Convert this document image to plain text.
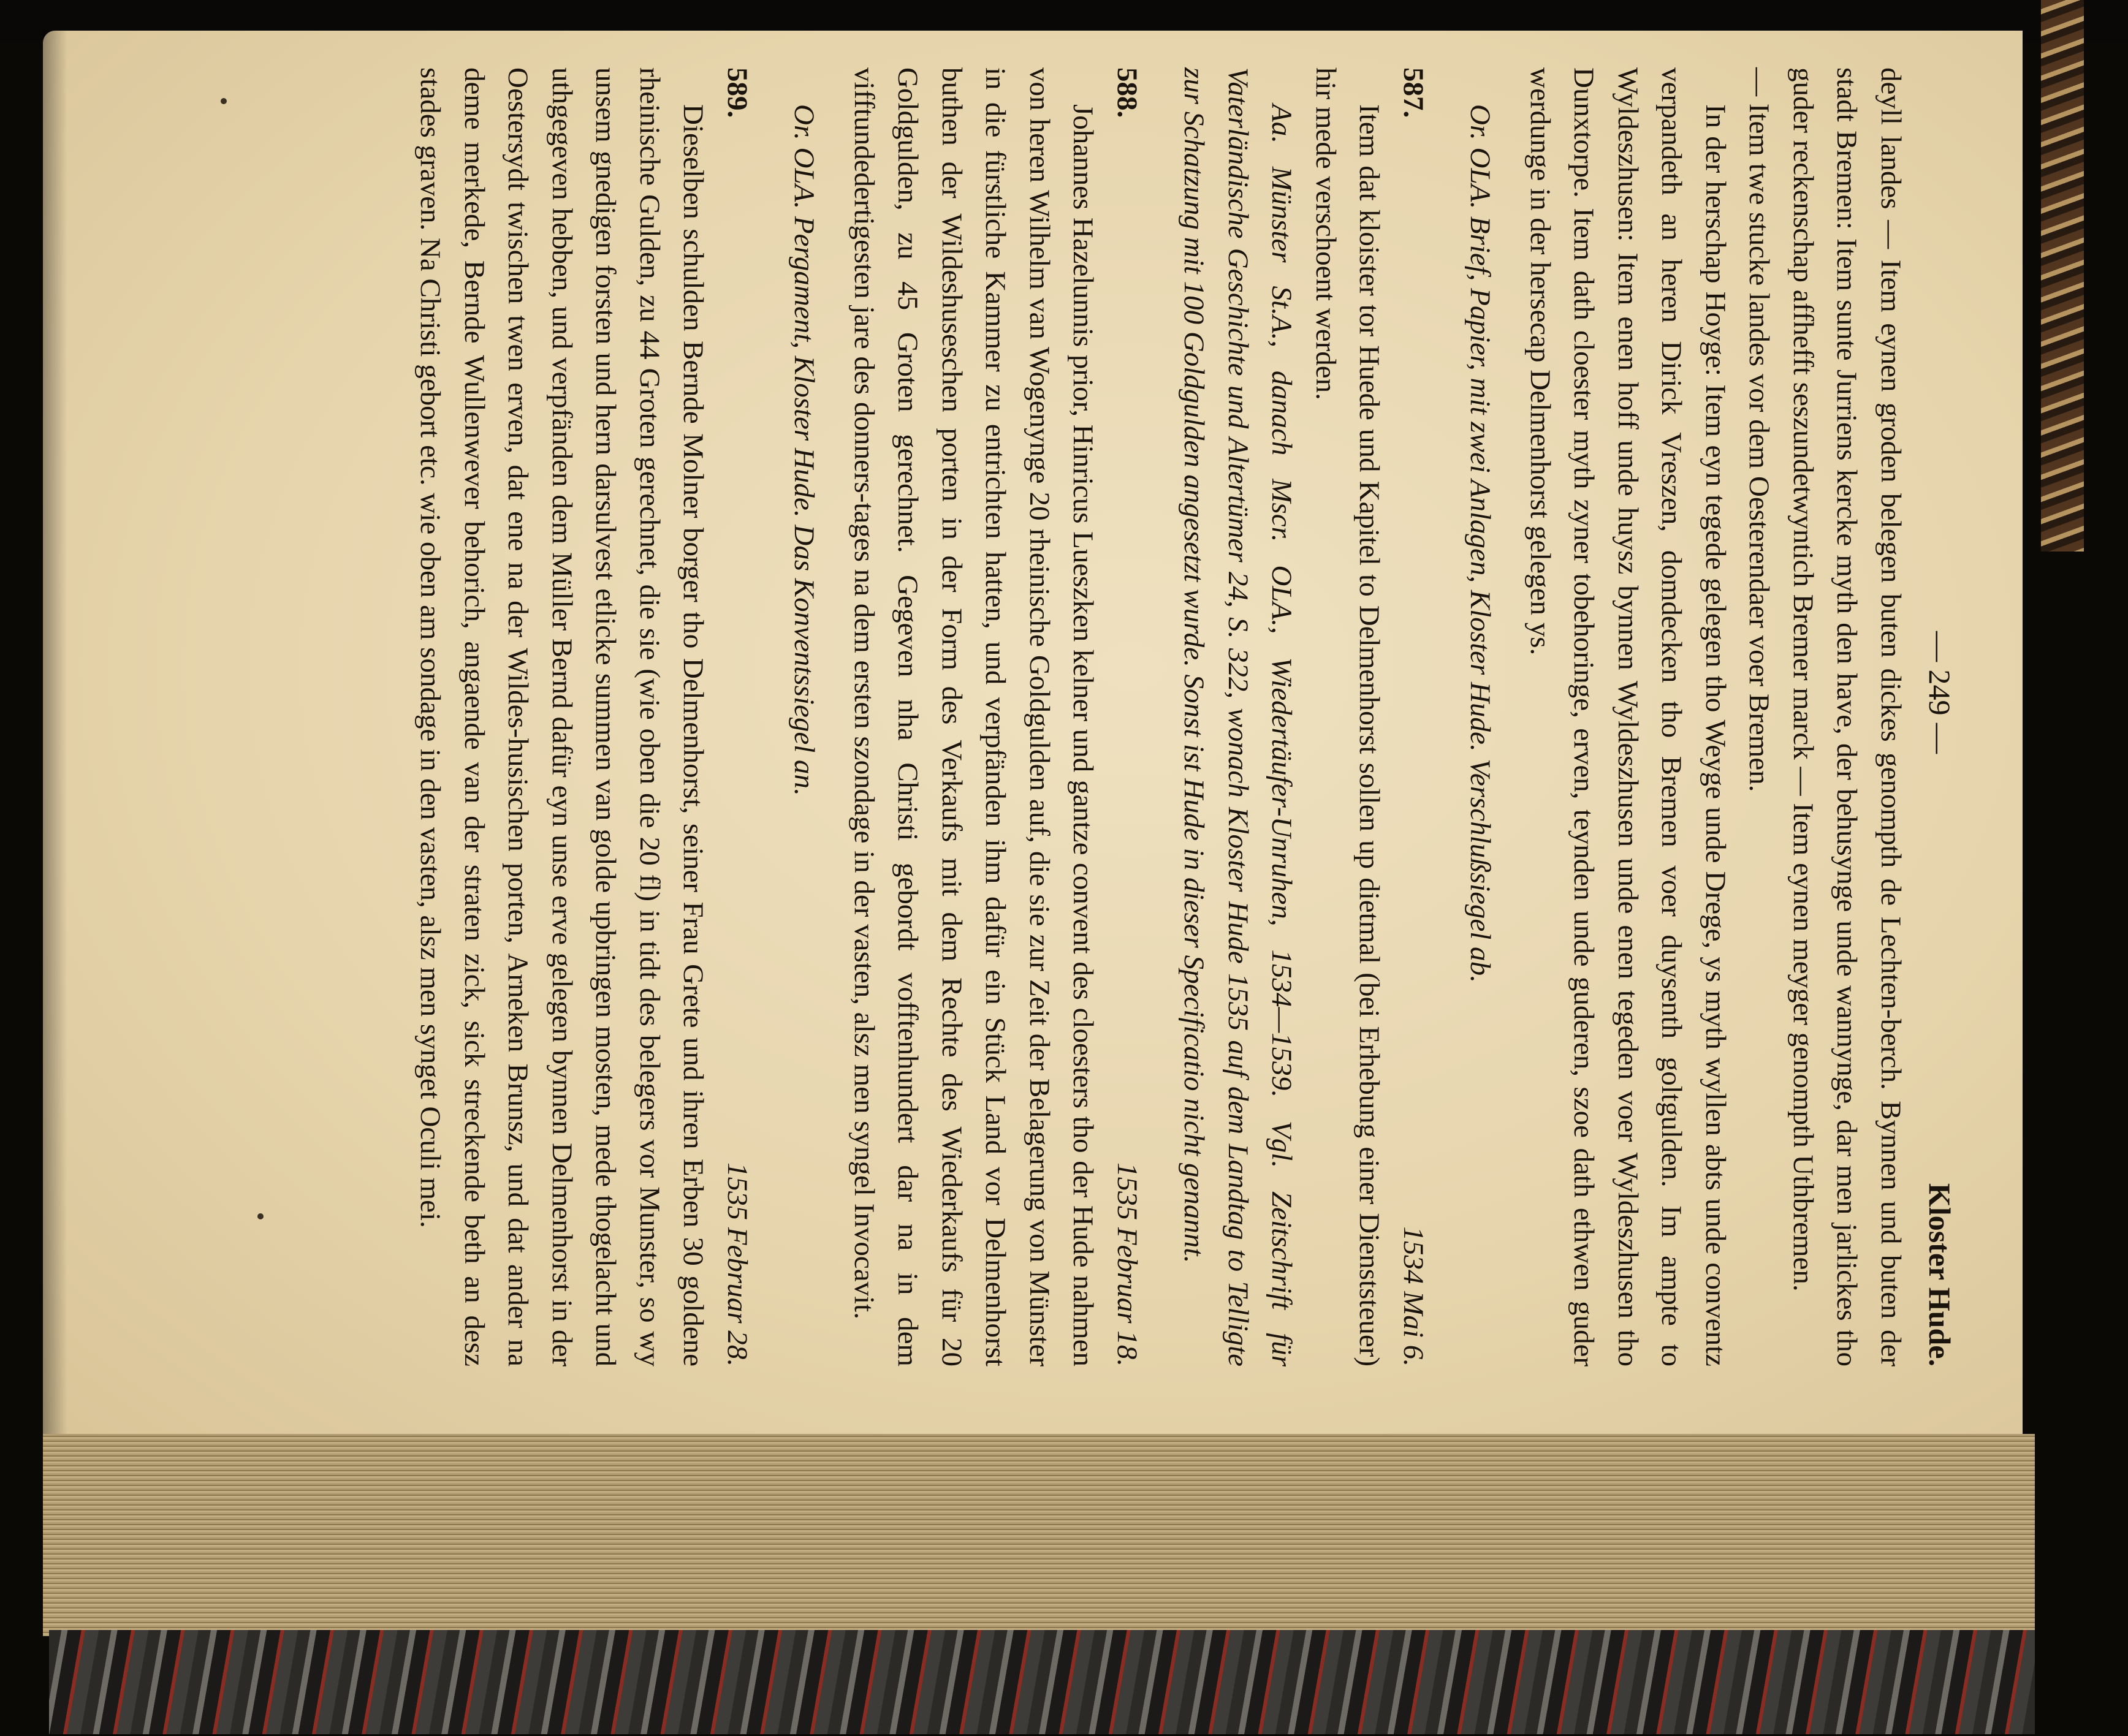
— 249 —
Kloster Hude.

deyll landes — Item eynen groden belegen buten dickes genompth de Lechten-berch. Bynnen und buten der stadt Bremen: Item sunte Jurriens kercke myth den have, der behusynge unde wannynge, dar men jarlickes tho guder reckenschap affhefft seszundetwyntich Bremer marck — Item eynen meyger genompth Uthbremen.

— Item twe stucke landes vor dem Oesterendaer voer Bremen.

In der herschap Hoyge: Item eyn tegede gelegen tho Weyge unde Drege, ys myth wyllen abts unde conventz verpandeth an heren Dirick Vreszen, domdecken tho Bremen voer duysenth goltgulden. Im ampte to Wyldeszhusen: Item enen hoff unde huysz bynnen Wyldeszhusen unde enen tegeden voer Wyldeszhusen tho Dunxtorpe. Item dath cloester myth zyner tobehoringe, erven, teynden unde guderen, szoe dath ethwen guder werdunge in der hersecap Delmenhorst gelegen ys.

Or. OLA. Brief, Papier, mit zwei Anlagen, Kloster Hude. Verschlußsiegel ab.

587.
1534 Mai 6.

Item dat kloister tor Huede und Kapitel to Delmenhorst sollen up dietmal (bei Erhebung einer Dienststeuer) hir mede verschoent werden.

Aa. Münster St.A., danach Mscr. OLA., Wiedertäufer-Unruhen, 1534—1539. Vgl. Zeitschrift für Vaterländische Geschichte und Altertümer 24, S. 322, wonach Kloster Hude 1535 auf dem Landtag to Telligte zur Schatzung mit 100 Goldgulden angesetzt wurde. Sonst ist Hude in dieser Specificatio nicht genannt.

588.
1535 Februar 18.

Johannes Hazelunnis prior, Hinricus Lueszken kelner und gantze convent des cloesters tho der Hude nahmen von heren Wilhelm van Wogenynge 20 rheinische Goldgulden auf, die sie zur Zeit der Belagerung von Münster in die fürstliche Kammer zu entrichten hatten, und verpfänden ihm dafür ein Stück Land vor Delmenhorst buthen der Wildeshuseschen porten in der Form des Verkaufs mit dem Rechte des Wiederkaufs für 20 Goldgulden, zu 45 Groten gerechnet. Gegeven nha Christi gebordt vofftenhundert dar na in dem vifftundedertigesten jare des donners-tages na dem ersten szondage in der vasten, alsz men syngel Invocavit.

Or. OLA. Pergament, Kloster Hude. Das Konventssiegel an.

589.
1535 Februar 28.

Dieselben schulden Bernde Molner borger tho Delmenhorst, seiner Frau Grete und ihren Erben 30 goldene rheinische Gulden, zu 44 Groten gerechnet, die sie (wie oben die 20 fl) in tidt des belegers vor Munster, so wy unsem gnedigen forsten und hern darsulvest etlicke summen van golde upbringen mosten, mede thogelacht und uthgegeven hebben, und verpfänden dem Müller Bernd dafür eyn unse erve gelegen bynnen Delmenhorst in der Oestersydt twischen twen erven, dat ene na der Wildes-husischen porten, Arneken Brunsz, und dat ander na deme merkede, Bernde Wullenwever behorich, angaende van der straten zick, sick streckende beth an desz stades graven. Na Christi gebort etc. wie oben am sondage in den vasten, alsz men synget Oculi mei.
